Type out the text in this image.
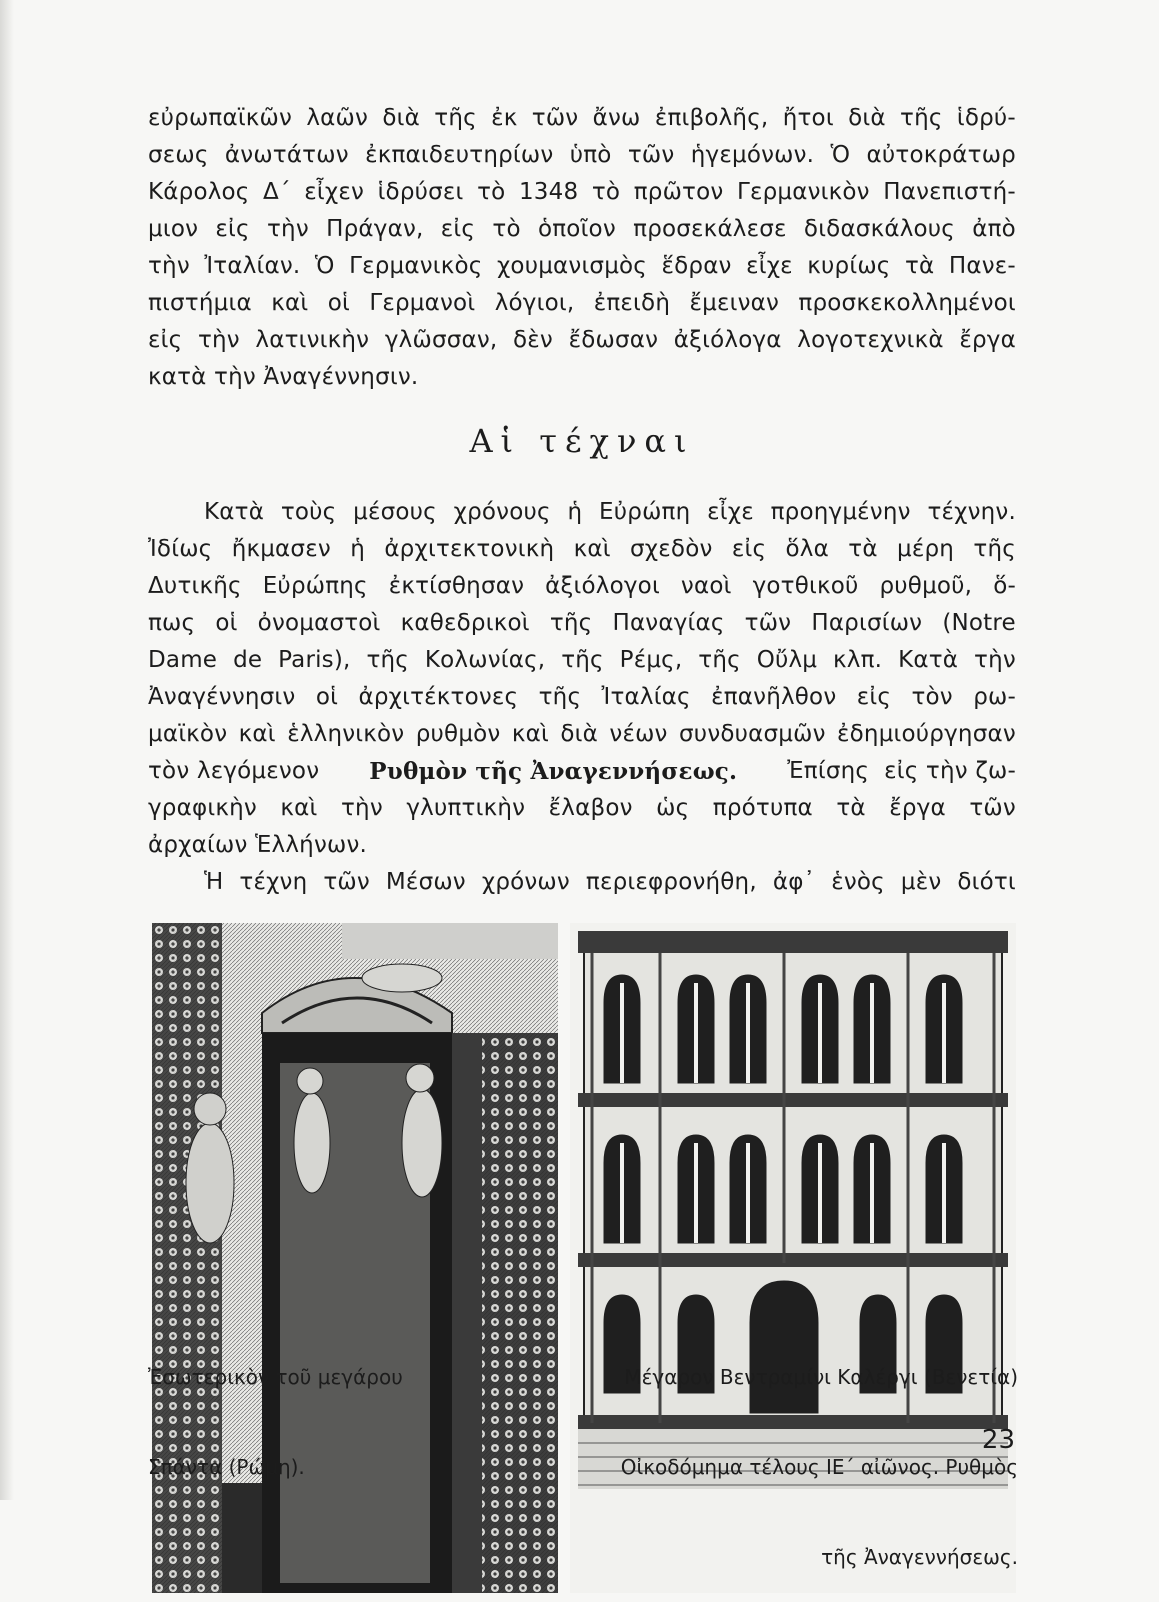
εὐρωπαϊκῶν λαῶν διὰ τῆς ἐκ τῶν ἄνω ἐπιβολῆς, ἤτοι διὰ τῆς ἱδρύ-
σεως ἀνωτάτων ἐκπαιδευτηρίων ὑπὸ τῶν ἡγεμόνων. Ὁ αὐτοκράτωρ
Κάρολος Δ΄ εἶχεν ἱδρύσει τὸ 1348 τὸ πρῶτον Γερμανικὸν Πανεπιστή-
μιον εἰς τὴν Πράγαν, εἰς τὸ ὁποῖον προσεκάλεσε διδασκάλους ἀπὸ
τὴν Ἰταλίαν. Ὁ Γερμανικὸς χουμανισμὸς ἕδραν εἶχε κυρίως τὰ Πανε-
πιστήμια καὶ οἱ Γερμανοὶ λόγιοι, ἐπειδὴ ἔμειναν προσκεκολλημένοι
εἰς τὴν λατινικὴν γλῶσσαν, δὲν ἔδωσαν ἀξιόλογα λογοτεχνικὰ ἔργα
κατὰ τὴν Ἀναγέννησιν.
Αἱ τέχναι
Κατὰ τοὺς μέσους χρόνους ἡ Εὐρώπη εἶχε προηγμένην τέχνην.
Ἰδίως ἤκμασεν ἡ ἀρχιτεκτονικὴ καὶ σχεδὸν εἰς ὅλα τὰ μέρη τῆς
Δυτικῆς Εὐρώπης ἐκτίσθησαν ἀξιόλογοι ναοὶ γοτθικοῦ ρυθμοῦ, ὅ-
πως οἱ ὀνομαστοὶ καθεδρικοὶ τῆς Παναγίας τῶν Παρισίων (Notre
Dame de Paris), τῆς Κολωνίας, τῆς Ρέμς, τῆς Οὔλμ κλπ. Κατὰ τὴν
Ἀναγέννησιν οἱ ἀρχιτέκτονες τῆς Ἰταλίας ἐπανῆλθον εἰς τὸν ρω-
μαϊκὸν καὶ ἑλληνικὸν ρυθμὸν καὶ διὰ νέων συνδυασμῶν ἐδημιούργησαν
τὸν λεγόμενον Ρυθμὸν τῆς Ἀναγεννήσεως. Ἐπίσης  εἰς τὴν ζω-
γραφικὴν καὶ τὴν γλυπτικὴν ἔλαβον ὡς πρότυπα τὰ ἔργα τῶν
ἀρχαίων Ἑλλήνων.
Ἡ τέχνη τῶν Μέσων χρόνων περιεφρονήθη, ἀφ᾽ ἑνὸς μὲν διότι

Ἐσωτερικὸν τοῦ μεγάρου

Σπάντα (Ρώμη).

Μέγαρον Βεντραμίνι Καλέργι (Βενετία)

Οἰκοδόμημα τέλους ΙΕ΄ αἰῶνος. Ρυθμὸς

τῆς Ἀναγεννήσεως.

23
